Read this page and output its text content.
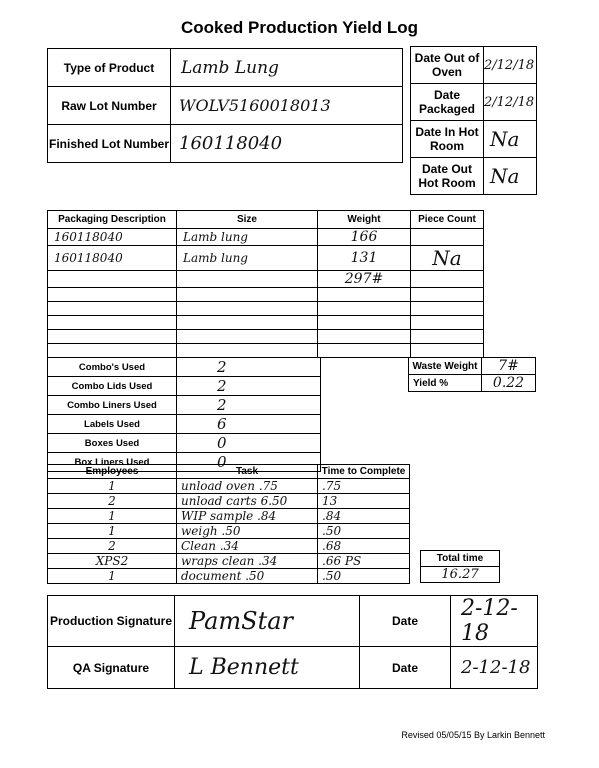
Cooked Production Yield Log
Type of Product	Lamb Lung
Raw Lot Number	WOLV5160018013
Finished Lot Number	160118040
Date Out of Oven	2/12/18
Date Packaged	2/12/18
Date In Hot Room	Na
Date Out Hot Room	Na
Packaging Description	Size	Weight	Piece Count
160118040	Lamb lung	166	
160118040	Lamb lung	131	Na
		297#	

Combo's Used	2
Combo Lids Used	2
Combo Liners Used	2
Labels Used	6
Boxes Used	0
Box Liners Used	0
Waste Weight	7#
Yield %	0.22
Employees	Task	Time to Complete
1	unload oven .75	.75
2	unload carts 6.50	13
1	WIP sample .84	.84
1	weigh .50	.50
2	Clean .34	.68
XPS2	wraps clean .34	.66 PS
1	document .50	.50
Total time
16.27
Production Signature	PamStar	Date	2-12-18
QA Signature	L Bennett	Date	2-12-18
Revised 05/05/15 By Larkin Bennett
